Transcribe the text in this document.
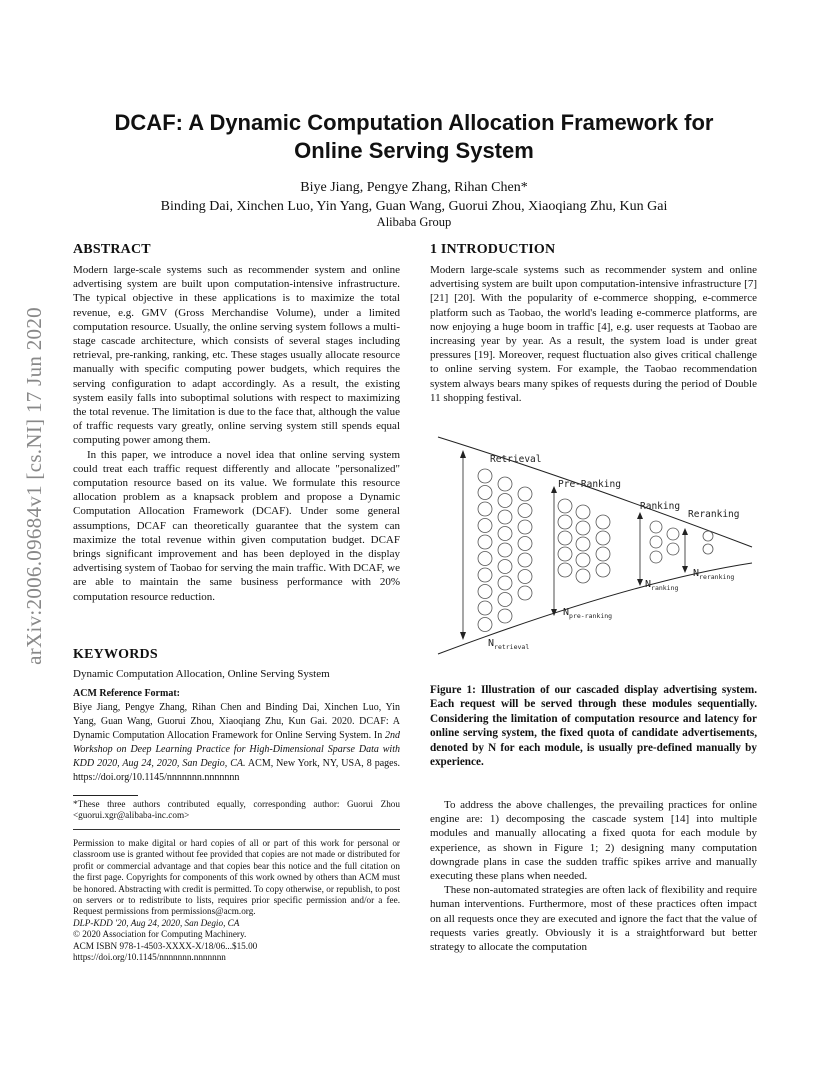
arXiv:2006.09684v1 [cs.NI] 17 Jun 2020
DCAF: A Dynamic Computation Allocation Framework for
Online Serving System
Biye Jiang, Pengye Zhang, Rihan Chen*
Binding Dai, Xinchen Luo, Yin Yang, Guan Wang, Guorui Zhou, Xiaoqiang Zhu, Kun Gai
Alibaba Group
ABSTRACT

Modern large-scale systems such as recommender system and online advertising system are built upon computation-intensive infrastructure. The typical objective in these applications is to maximize the total revenue, e.g. GMV (Gross Merchandise Volume), under a limited computation resource. Usually, the online serving system follows a multi-stage cascade architecture, which consists of several stages including retrieval, pre-ranking, ranking, etc. These stages usually allocate resource manually with specific computing power budgets, which requires the serving configuration to adapt accordingly. As a result, the existing system easily falls into suboptimal solutions with respect to maximizing the total revenue. The limitation is due to the face that, although the value of traffic requests vary greatly, online serving system still spends equal computing power among them.

In this paper, we introduce a novel idea that online serving system could treat each traffic request differently and allocate "personalized" computation resource based on its value. We formulate this resource allocation problem as a knapsack problem and propose a Dynamic Computation Allocation Framework (DCAF). Under some general assumptions, DCAF can theoretically guarantee that the system can maximize the total revenue within given computation budget. DCAF brings significant improvement and has been deployed in the display advertising system of Taobao for serving the main traffic. With DCAF, we are able to maintain the same business performance with 20% computation resource reduction.

KEYWORDS
Dynamic Computation Allocation, Online Serving System
ACM Reference Format:
Biye Jiang, Pengye Zhang, Rihan Chen and Binding Dai, Xinchen Luo, Yin Yang, Guan Wang, Guorui Zhou, Xiaoqiang Zhu, Kun Gai. 2020. DCAF: A Dynamic Computation Allocation Framework for Online Serving System. In 2nd Workshop on Deep Learning Practice for High-Dimensional Sparse Data with KDD 2020, Aug 24, 2020, San Degio, CA. ACM, New York, NY, USA, 8 pages. https://doi.org/10.1145/nnnnnnn.nnnnnnn
*These three authors contributed equally, corresponding author: Guorui Zhou <guorui.xgr@alibaba-inc.com>
Permission to make digital or hard copies of all or part of this work for personal or classroom use is granted without fee provided that copies are not made or distributed for profit or commercial advantage and that copies bear this notice and the full citation on the first page. Copyrights for components of this work owned by others than ACM must be honored. Abstracting with credit is permitted. To copy otherwise, or republish, to post on servers or to redistribute to lists, requires prior specific permission and/or a fee. Request permissions from permissions@acm.org.
DLP-KDD '20, Aug 24, 2020, San Degio, CA
© 2020 Association for Computing Machinery.
ACM ISBN 978-1-4503-XXXX-X/18/06...$15.00
https://doi.org/10.1145/nnnnnnn.nnnnnnn
1 INTRODUCTION
Modern large-scale systems such as recommender system and online advertising system are built upon computation-intensive infrastructure [7] [21] [20]. With the popularity of e-commerce shopping, e-commerce platform such as Taobao, the world's leading e-commerce platforms, are now enjoying a huge boom in traffic [4], e.g. user requests at Taobao are increasing year by year. As a result, the system load is under great pressures [19]. Moreover, request fluctuation also gives critical challenge to online serving system. For example, the Taobao recommendation system always bears many spikes of requests during the period of Double 11 shopping festival.
Retrieval
Pre-Ranking
Ranking
Reranking
$N_{retrieval}$
$N_{pre-ranking}$
$N_{ranking}$
$N_{reranking}$
Figure 1: Illustration of our cascaded display advertising system. Each request will be served through these modules sequentially. Considering the limitation of computation resource and latency for online serving system, the fixed quota of candidate advertisements, denoted by N for each module, is usually pre-defined manually by experience.

To address the above challenges, the prevailing practices for online engine are: 1) decomposing the cascade system [14] into multiple modules and manually allocating a fixed quota for each module by experience, as shown in Figure 1; 2) designing many computation downgrade plans in case the sudden traffic spikes arrive and manually executing these plans when needed.

These non-automated strategies are often lack of flexibility and require human interventions. Furthermore, most of these practices often impact on all requests once they are executed and ignore the fact that the value of requests varies greatly. Obviously it is a straightforward but better strategy to allocate the computation
